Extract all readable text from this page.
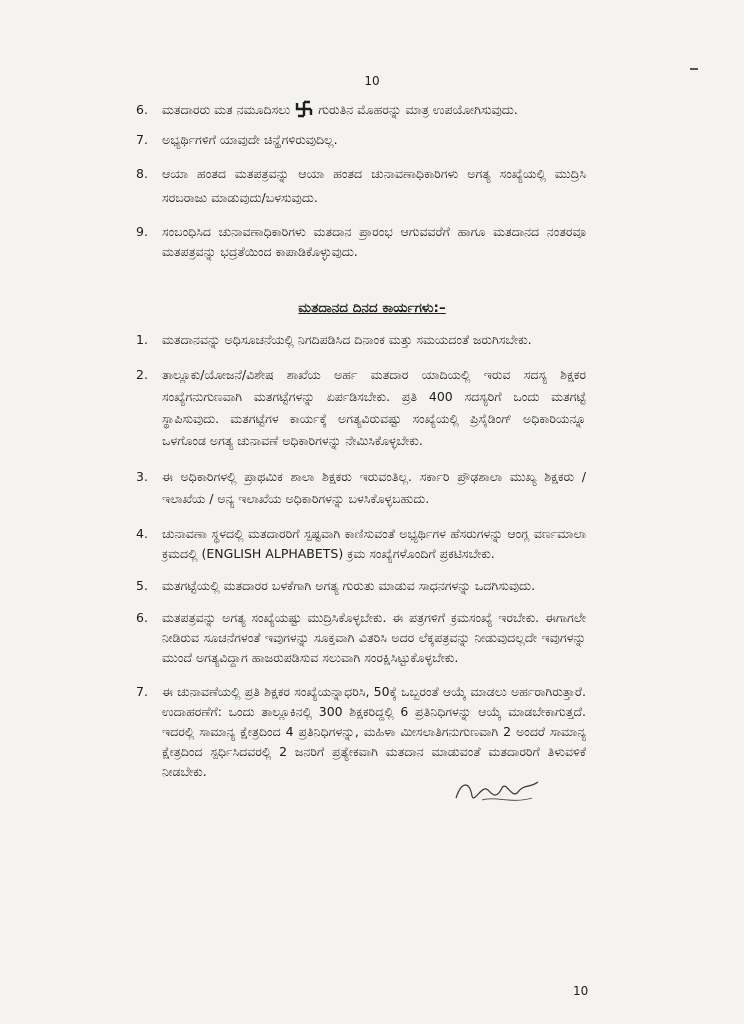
10
6. ಮತದಾರರು ಮತ ನಮೂದಿಸಲು ಗುರುತಿನ ಮೊಹರನ್ನು ಮಾತ್ರ ಉಪಯೋಗಿಸುವುದು.
7. ಅಭ್ಯರ್ಥಿಗಳಿಗೆ ಯಾವುದೇ ಚಿನ್ಹೆಗಳಿರುವುದಿಲ್ಲ.
8. ಆಯಾ ಹಂತದ ಮತಪತ್ರವನ್ನು ಆಯಾ ಹಂತದ ಚುನಾವಣಾಧಿಕಾರಿಗಳು ಅಗತ್ಯ ಸಂಖ್ಯೆಯಲ್ಲಿ ಮುದ್ರಿಸಿ ಸರಬರಾಜು ಮಾಡುವುದು/ಬಳಸುವುದು.
9. ಸಂಬಂಧಿಸಿದ ಚುನಾವಣಾಧಿಕಾರಿಗಳು ಮತದಾನ ಪ್ರಾರಂಭ ಆಗುವವರೆಗೆ ಹಾಗೂ ಮತದಾನದ ನಂತರವೂ ಮತಪತ್ರವನ್ನು ಭದ್ರತೆಯಿಂದ ಕಾಪಾಡಿಕೊಳ್ಳುವುದು.
ಮತದಾನದ ದಿನದ ಕಾರ್ಯಗಳು:–
1. ಮತದಾನವನ್ನು ಅಧಿಸೂಚನೆಯಲ್ಲಿ ನಿಗದಿಪಡಿಸಿದ ದಿನಾಂಕ ಮತ್ತು ಸಮಯದಂತೆ ಜರುಗಿಸಬೇಕು.
2. ತಾಲ್ಲೂಕು/ಯೋಜನೆ/ವಿಶೇಷ ಶಾಖೆಯ ಅರ್ಹ ಮತದಾರ ಯಾದಿಯಲ್ಲಿ ಇರುವ ಸದಸ್ಯ ಶಿಕ್ಷಕರ ಸಂಖ್ಯೆಗನುಗುಣವಾಗಿ ಮತಗಟ್ಟೆಗಳನ್ನು ಏರ್ಪಡಿಸಬೇಕು. ಪ್ರತಿ 400 ಸದಸ್ಯರಿಗೆ ಒಂದು ಮತಗಟ್ಟೆ ಸ್ಥಾಪಿಸುವುದು. ಮತಗಟ್ಟೆಗಳ ಕಾರ್ಯಕ್ಕೆ ಅಗತ್ಯವಿರುವಷ್ಟು ಸಂಖ್ಯೆಯಲ್ಲಿ ಪ್ರಿಸೈಡಿಂಗ್ ಅಧಿಕಾರಿಯನ್ನೂ ಒಳಗೊಂಡ ಅಗತ್ಯ ಚುನಾವಣೆ ಅಧಿಕಾರಿಗಳನ್ನು ನೇಮಿಸಿಕೊಳ್ಳಬೇಕು.
3. ಈ ಅಧಿಕಾರಿಗಳಲ್ಲಿ ಪ್ರಾಥಮಿಕ ಶಾಲಾ ಶಿಕ್ಷಕರು ಇರುವಂತಿಲ್ಲ. ಸರ್ಕಾರಿ ಪ್ರೌಢಶಾಲಾ ಮುಖ್ಯ ಶಿಕ್ಷಕರು / ಇಲಾಖೆಯ / ಅನ್ಯ ಇಲಾಖೆಯ ಅಧಿಕಾರಿಗಳನ್ನು ಬಳಸಿಕೊಳ್ಳಬಹುದು.
4. ಚುನಾವಣಾ ಸ್ಥಳದಲ್ಲಿ ಮತದಾರರಿಗೆ ಸ್ಪಷ್ಟವಾಗಿ ಕಾಣಿಸುವಂತೆ ಅಭ್ಯರ್ಥಿಗಳ ಹೆಸರುಗಳನ್ನು ಆಂಗ್ಲ ವರ್ಣಮಾಲಾ ಕ್ರಮದಲ್ಲಿ (ENGLISH ALPHABETS) ಕ್ರಮ ಸಂಖ್ಯೆಗಳೊಂದಿಗೆ ಪ್ರಕಟಿಸಬೇಕು.
5. ಮತಗಟ್ಟೆಯಲ್ಲಿ ಮತದಾರರ ಬಳಕೆಗಾಗಿ ಅಗತ್ಯ ಗುರುತು ಮಾಡುವ ಸಾಧನಗಳನ್ನು ಒದಗಿಸುವುದು.
6. ಮತಪತ್ರವನ್ನು ಅಗತ್ಯ ಸಂಖ್ಯೆಯಷ್ಟು ಮುದ್ರಿಸಿಕೊಳ್ಳಬೇಕು. ಈ ಪತ್ರಗಳಿಗೆ ಕ್ರಮಸಂಖ್ಯೆ ಇರಬೇಕು. ಈಗಾಗಲೇ ನೀಡಿರುವ ಸೂಚನೆಗಳಂತೆ ಇವುಗಳನ್ನು ಸೂಕ್ತವಾಗಿ ವಿತರಿಸಿ ಅದರ ಲೆಕ್ಕಪತ್ರವನ್ನು ನೀಡುವುದಲ್ಲದೇ ಇವುಗಳನ್ನು ಮುಂದೆ ಅಗತ್ಯವಿದ್ದಾಗ ಹಾಜರುಪಡಿಸುವ ಸಲುವಾಗಿ ಸಂರಕ್ಷಿಸಿಟ್ಟುಕೊಳ್ಳಬೇಕು.
7. ಈ ಚುನಾವಣೆಯಲ್ಲಿ ಪ್ರತಿ ಶಿಕ್ಷಕರ ಸಂಖ್ಯೆಯನ್ನಾಧರಿಸಿ, 50ಕ್ಕೆ ಒಬ್ಬರಂತೆ ಆಯ್ಕೆ ಮಾಡಲು ಅರ್ಹರಾಗಿರುತ್ತಾರೆ. ಉದಾಹರಣೆಗೆ: ಒಂದು ತಾಲ್ಲೂಕಿನಲ್ಲಿ 300 ಶಿಕ್ಷಕರಿದ್ದಲ್ಲಿ 6 ಪ್ರತಿನಿಧಿಗಳನ್ನು ಆಯ್ಕೆ ಮಾಡಬೇಕಾಗುತ್ತದೆ. ಇದರಲ್ಲಿ ಸಾಮಾನ್ಯ ಕ್ಷೇತ್ರದಿಂದ 4 ಪ್ರತಿನಿಧಿಗಳನ್ನು, ಮಹಿಳಾ ಮೀಸಲಾತಿಗನುಗುಣವಾಗಿ 2 ಅಂದರೆ ಸಾಮಾನ್ಯ ಕ್ಷೇತ್ರದಿಂದ ಸ್ಪರ್ಧಿಸಿದವರಲ್ಲಿ 2 ಜನರಿಗೆ ಪ್ರತ್ಯೇಕವಾಗಿ ಮತದಾನ ಮಾಡುವಂತೆ ಮತದಾರರಿಗೆ ತಿಳುವಳಿಕೆ ನೀಡಬೇಕು.
10
